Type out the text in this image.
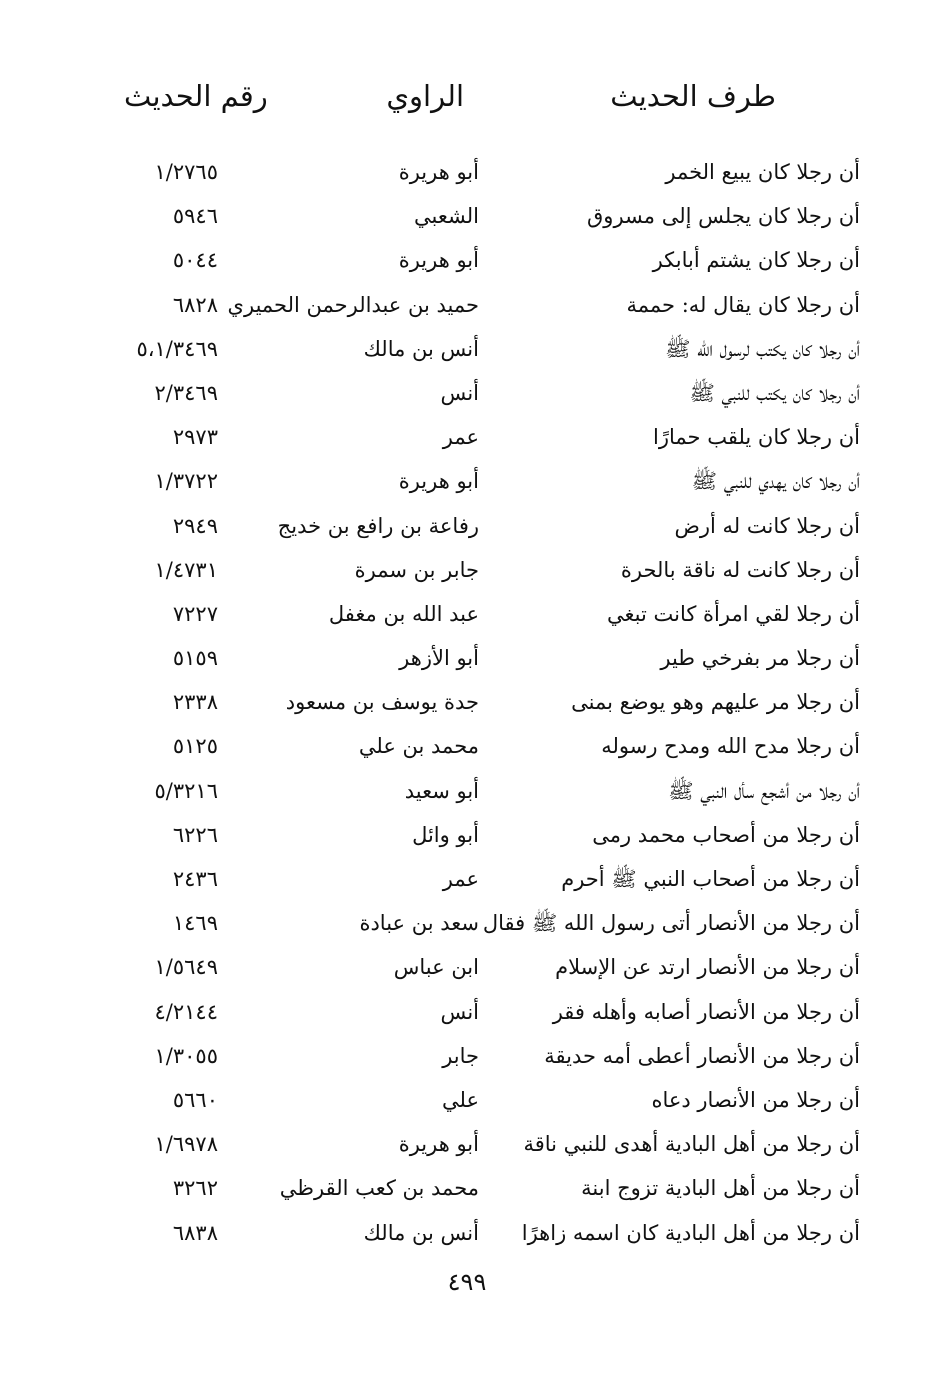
طرف الحديث
الراوي
رقم الحديث
أن رجلا كان يبيع الخمر
أبو هريرة
١/٢٧٦٥
أن رجلا كان يجلس إلى مسروق
الشعبي
٥٩٤٦
أن رجلا كان يشتم أبابكر
أبو هريرة
٥٠٤٤
أن رجلا كان يقال له: حممة
حميد بن عبدالرحمن الحميري
٦٨٢٨
أن رجلا كان يكتب لرسول الله ﷺ
أنس بن مالك
٥،١/٣٤٦٩
أن رجلا كان يكتب للنبي ﷺ
أنس
٢/٣٤٦٩
أن رجلا كان يلقب حمارًا
عمر
٢٩٧٣
أن رجلا كان يهدي للنبي ﷺ
أبو هريرة
١/٣٧٢٢
أن رجلا كانت له أرض
رفاعة بن رافع بن خديج
٢٩٤٩
أن رجلا كانت له ناقة بالحرة
جابر بن سمرة
١/٤٧٣١
أن رجلا لقي امرأة كانت تبغي
عبد الله بن مغفل
٧٢٢٧
أن رجلا مر بفرخي طير
أبو الأزهر
٥١٥٩
أن رجلا مر عليهم وهو يوضع بمنى
جدة يوسف بن مسعود
٢٣٣٨
أن رجلا مدح الله ومدح رسوله
محمد بن علي
٥١٢٥
أن رجلا من أشجع سأل النبي ﷺ
أبو سعيد
٥/٣٢١٦
أن رجلا من أصحاب محمد رمى
أبو وائل
٦٢٢٦
أن رجلا من أصحاب النبي ﷺ أحرم
عمر
٢٤٣٦
أن رجلا من الأنصار أتى رسول الله ﷺ فقال
سعد بن عبادة
١٤٦٩
أن رجلا من الأنصار ارتد عن الإسلام
ابن عباس
١/٥٦٤٩
أن رجلا من الأنصار أصابه وأهله فقر
أنس
٤/٢١٤٤
أن رجلا من الأنصار أعطى أمه حديقة
جابر
١/٣٠٥٥
أن رجلا من الأنصار دعاه
علي
٥٦٦٠
أن رجلا من أهل البادية أهدى للنبي ناقة
أبو هريرة
١/٦٩٧٨
أن رجلا من أهل البادية تزوج ابنة
محمد بن كعب القرظي
٣٢٦٢
أن رجلا من أهل البادية كان اسمه زاهرًا
أنس بن مالك
٦٨٣٨
٤٩٩
